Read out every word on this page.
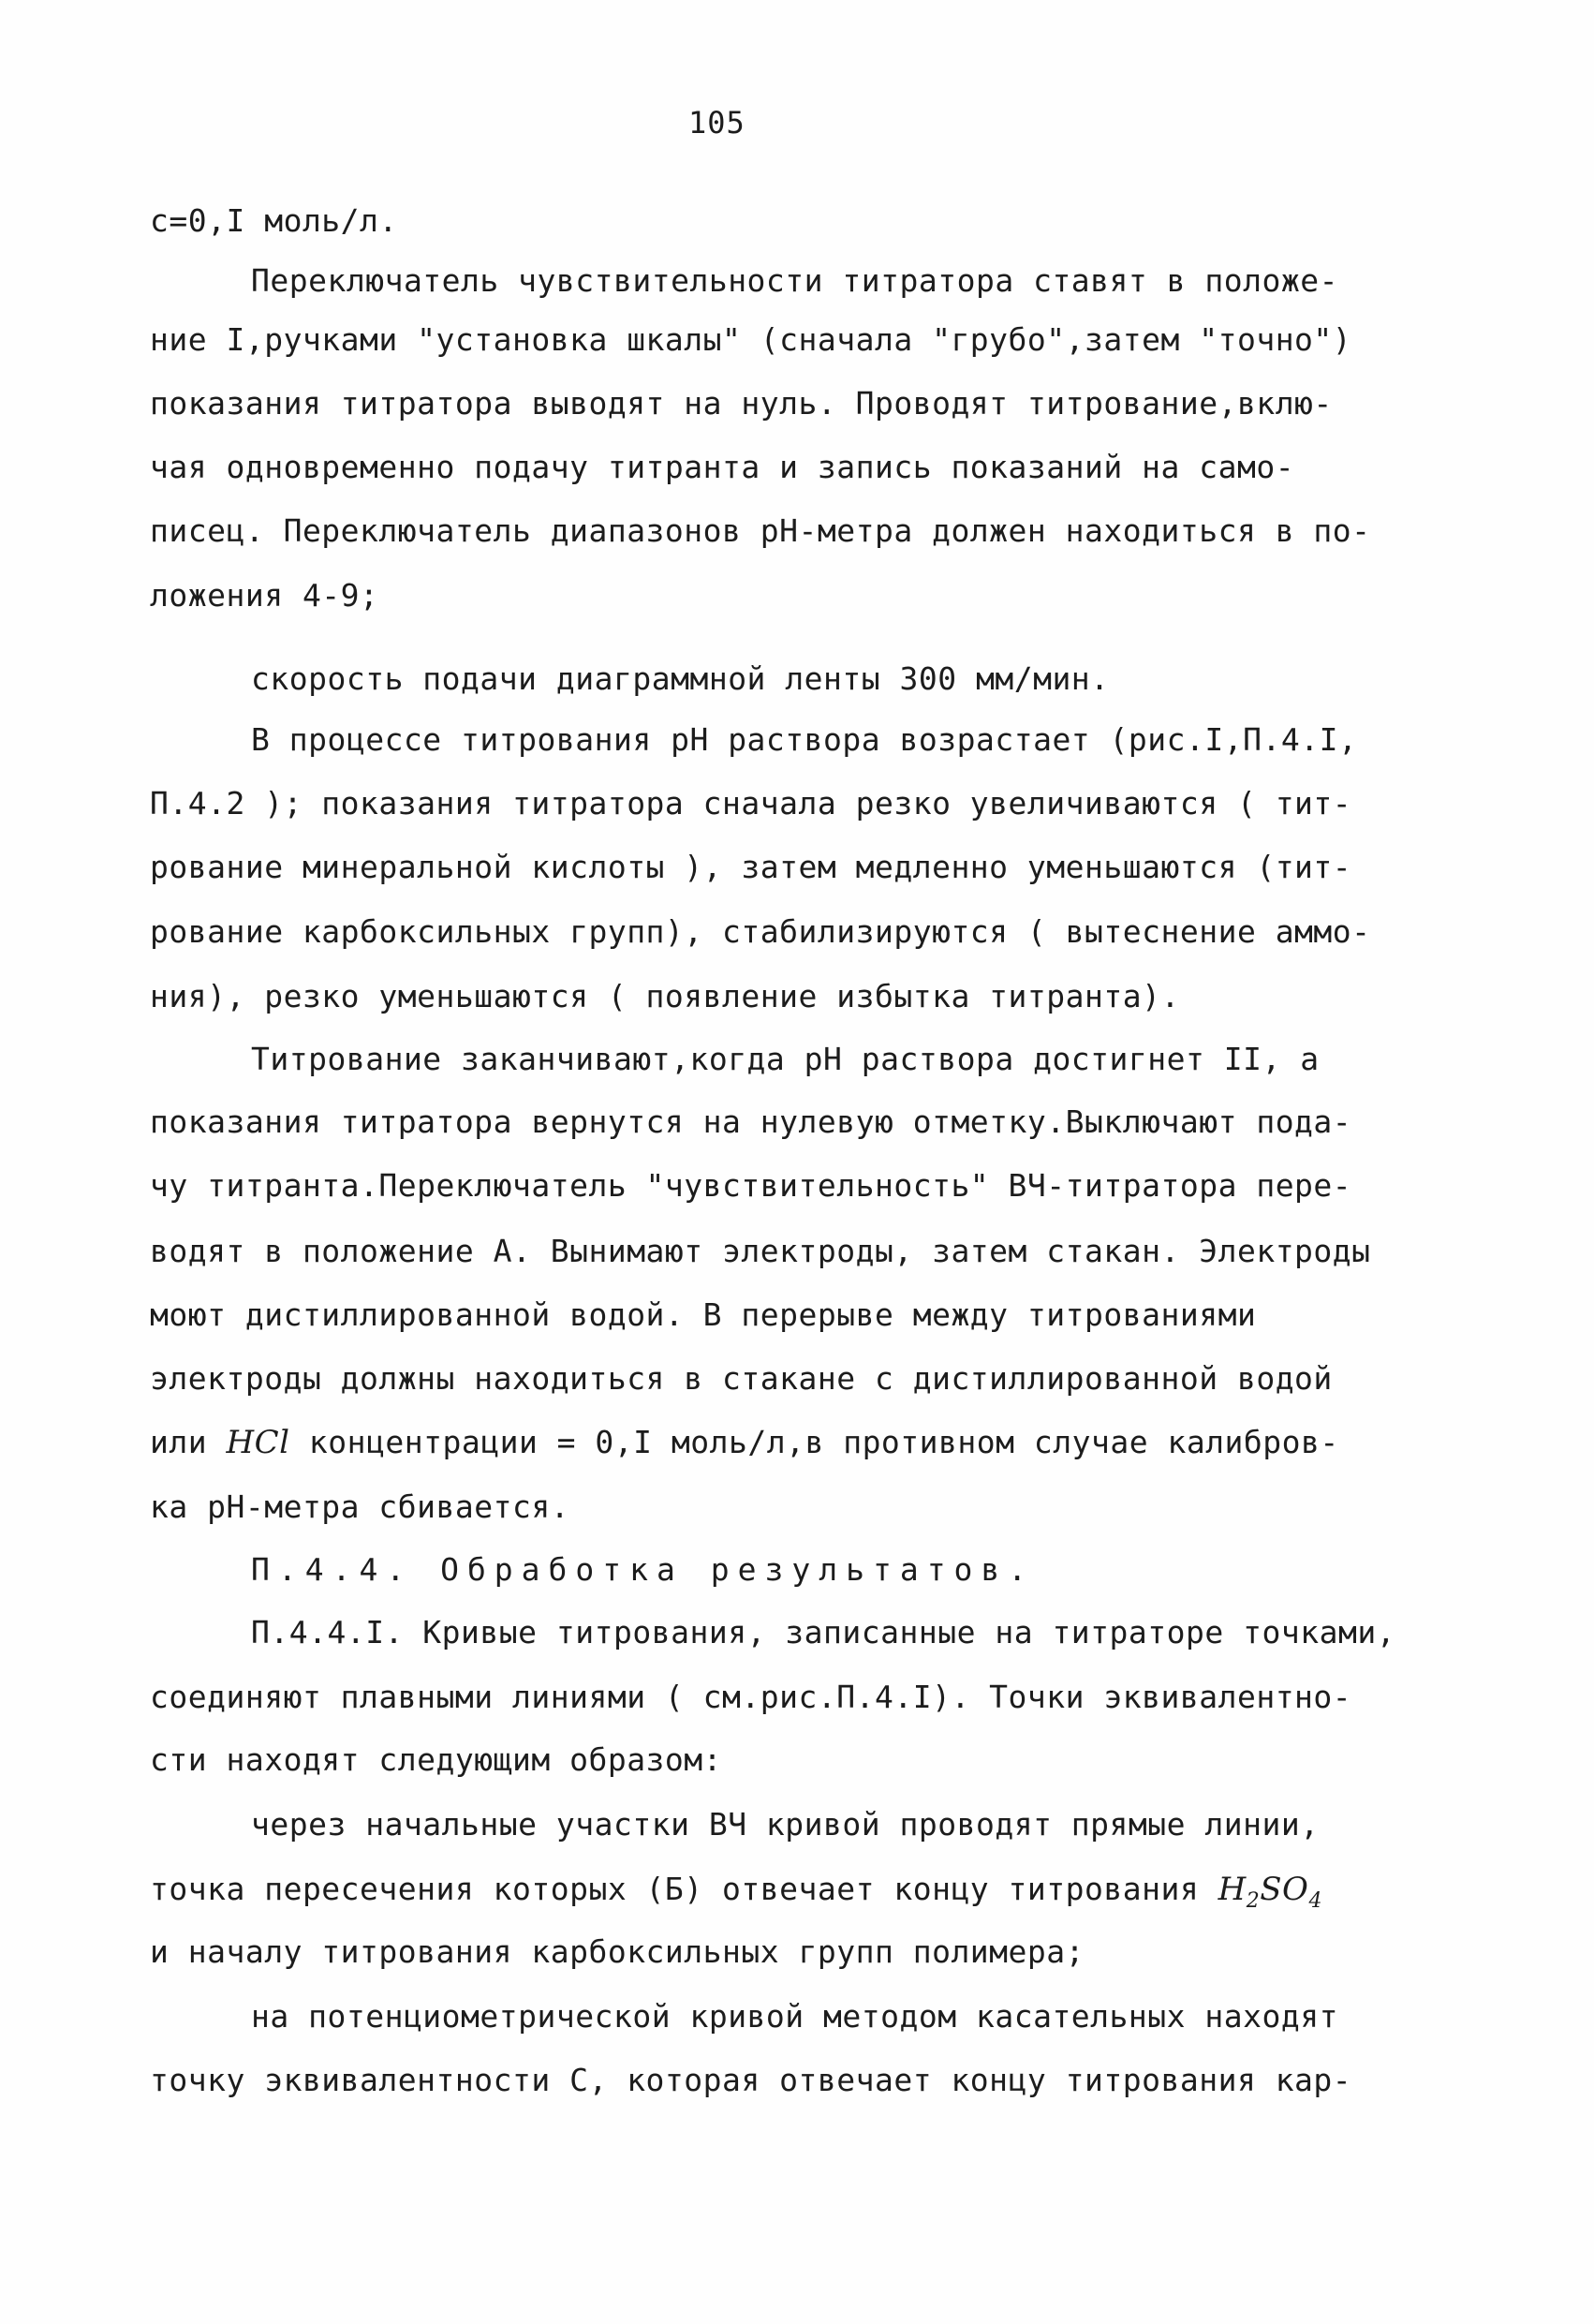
105
с=0,I моль/л.
Переключатель чувствительности титратора ставят в положе-
ние I,ручками "установка шкалы" (сначала "грубо",затем "точно")
показания титратора выводят на нуль. Проводят титрование,вклю-
чая одновременно подачу титранта и запись показаний на само-
писец. Переключатель диапазонов pH-метра должен находиться в по-
ложения 4-9;
скорость подачи диаграммной ленты 300 мм/мин.
В процессе титрования pH раствора возрастает (рис.I,П.4.I,
П.4.2 ); показания титратора сначала резко увеличиваются ( тит-
рование минеральной кислоты ), затем медленно уменьшаются (тит-
рование карбоксильных групп), стабилизируются ( вытеснение аммо-
ния), резко уменьшаются ( появление избытка титранта).
Титрование заканчивают,когда pH раствора достигнет II, а
показания титратора вернутся на нулевую отметку.Выключают пода-
чу титранта.Переключатель "чувствительность" ВЧ-титратора пере-
водят в положение А. Вынимают электроды, затем стакан. Электроды
моют дистиллированной водой. В перерыве между титрованиями
электроды должны находиться в стакане с дистиллированной водой
или HCl концентрации = 0,I моль/л,в противном случае калибров-
ка pH-метра сбивается.
П.4.4. Обработка результатов.
П.4.4.I. Кривые титрования, записанные на титраторе точками,
соединяют плавными линиями ( см.рис.П.4.I). Точки эквивалентно-
сти находят следующим образом:
через начальные участки ВЧ кривой проводят прямые линии,
точка пересечения которых (Б) отвечает концу титрования $H_2SO_4$
и началу титрования карбоксильных групп полимера;
на потенциометрической кривой методом касательных находят
точку эквивалентности С, которая отвечает концу титрования кар-
